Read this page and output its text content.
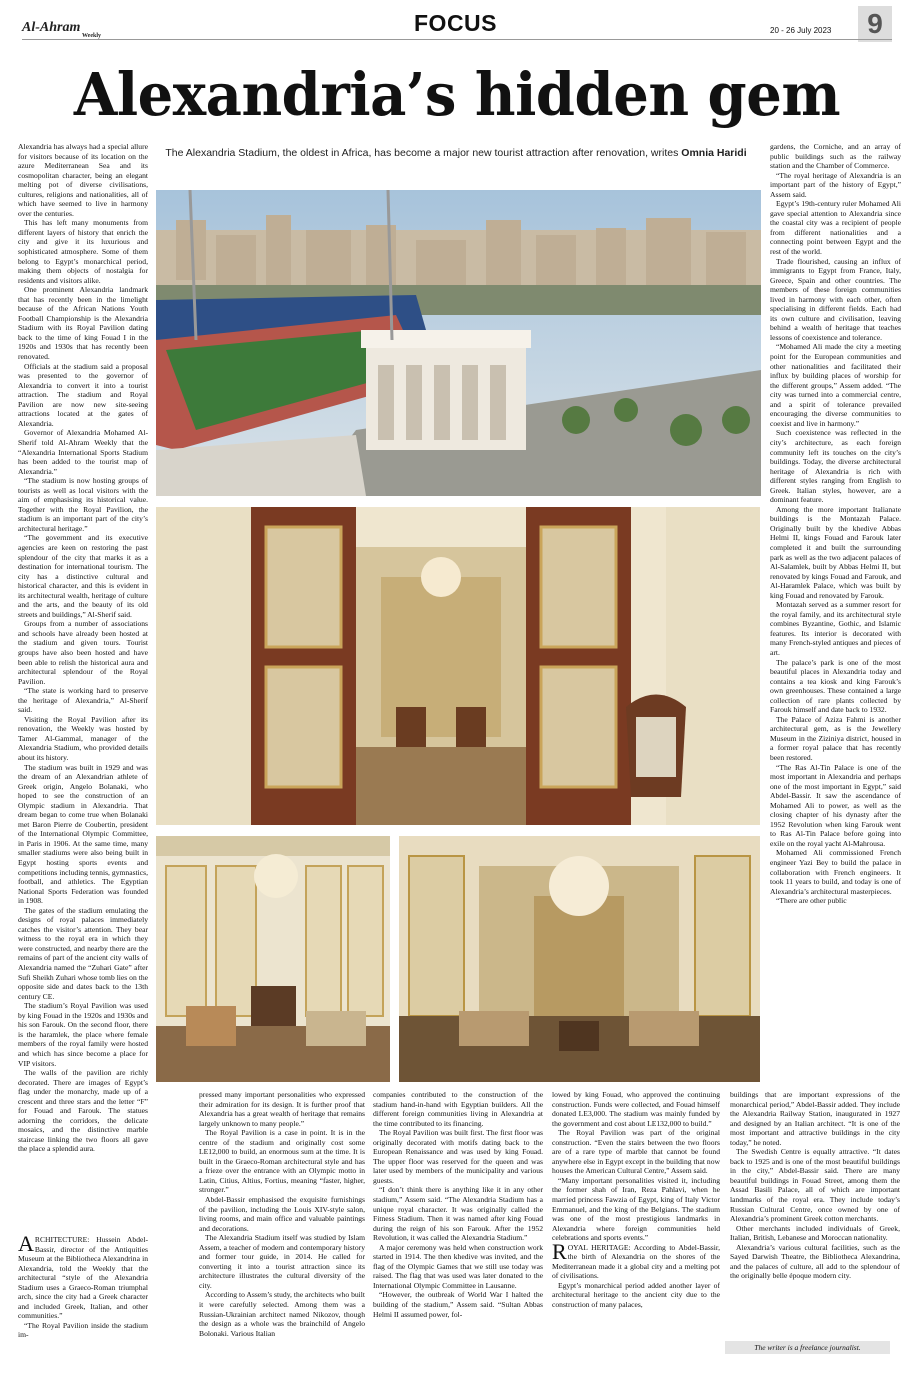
Al-Ahram
Weekly	FOCUS	20 - 26 July 2023	9
Alexandria’s hidden gem

Alexandria has always had a special allure for visitors because of its location on the azure Mediterranean Sea and its cosmopolitan character, being an elegant melting pot of diverse civilisations, cultures, religions and nationalities, all of which have seemed to live in harmony over the centuries.

This has left many monuments from different layers of history that enrich the city and give it its luxurious and sophisticated atmosphere. Some of them belong to Egypt’s monarchical period, making them objects of nostalgia for residents and visitors alike.

One prominent Alexandria landmark that has recently been in the limelight because of the African Nations Youth Football Championship is the Alexandria Stadium with its Royal Pavilion dating back to the time of king Fouad I in the 1920s and 1930s that has recently been renovated.

Officials at the stadium said a proposal was presented to the governor of Alexandria to convert it into a tourist attraction. The stadium and Royal Pavilion are now new site-seeing attractions located at the gates of Alexandria.

Governor of Alexandria Mohamed Al-Sherif told Al-Ahram Weekly that the “Alexandria International Sports Stadium has been added to the tourist map of Alexandria.”

“The stadium is now hosting groups of tourists as well as local visitors with the aim of emphasising its historical value. Together with the Royal Pavilion, the stadium is an important part of the city’s architectural heritage.”

“The government and its executive agencies are keen on restoring the past splendour of the city that marks it as a destination for international tourism. The city has a distinctive cultural and historical character, and this is evident in its architectural wealth, heritage of culture and the arts, and the beauty of its old streets and buildings,” Al-Sherif said.

Groups from a number of associations and schools have already been hosted at the stadium and given tours. Tourist groups have also been hosted and have been able to relish the historical aura and architectural splendour of the Royal Pavilion.

“The state is working hard to preserve the heritage of Alexandria,” Al-Sherif said.

Visiting the Royal Pavilion after its renovation, the Weekly was hosted by Tamer Al-Gammal, manager of the Alexandria Stadium, who provided details about its history.

The stadium was built in 1929 and was the dream of an Alexandrian athlete of Greek origin, Angelo Bolanaki, who hoped to see the construction of an Olympic stadium in Alexandria. That dream began to come true when Bolanaki met Baron Pierre de Coubertin, president of the International Olympic Committee, in Paris in 1906. At the same time, many smaller stadiums were also being built in Egypt hosting sports events and competitions including tennis, gymnastics, football, and athletics. The Egyptian National Sports Federation was founded in 1908.

The gates of the stadium emulating the designs of royal palaces immediately catches the visitor’s attention. They bear witness to the royal era in which they were constructed, and nearby there are the remains of part of the ancient city walls of Alexandria named the “Zuhari Gate” after Sufi Sheikh Zuhari whose tomb lies on the opposite side and dates back to the 13th century CE.

The stadium’s Royal Pavilion was used by king Fouad in the 1920s and 1930s and his son Farouk. On the second floor, there is the haramlek, the place where female members of the royal family were hosted and which has since become a place for VIP visitors.

The walls of the pavilion are richly decorated. There are images of Egypt’s flag under the monarchy, made up of a crescent and three stars and the letter “F” for Fouad and Farouk. The statues adorning the corridors, the delicate mosaics, and the distinctive marble staircase linking the two floors all gave the place a splendid aura.

The Alexandria Stadium, the oldest in Africa, has become a major new tourist attraction after renovation, writes Omnia Haridi

gardens, the Corniche, and an array of public buildings such as the railway station and the Chamber of Commerce.

“The royal heritage of Alexandria is an important part of the history of Egypt,” Assem said.

Egypt’s 19th-century ruler Mohamed Ali gave special attention to Alexandria since the coastal city was a recipient of people from different nationalities and a connecting point between Egypt and the rest of the world.

Trade flourished, causing an influx of immigrants to Egypt from France, Italy, Greece, Spain and other countries. The members of these foreign communities lived in harmony with each other, often specialising in different fields. Each had its own culture and civilisation, leaving behind a wealth of heritage that teaches lessons of coexistence and tolerance.

“Mohamed Ali made the city a meeting point for the European communities and other nationalities and facilitated their influx by building places of worship for the different groups,” Assem added. “The city was turned into a commercial centre, and a spirit of tolerance prevailed encouraging the diverse communities to coexist and live in harmony.”

Such coexistence was reflected in the city’s architecture, as each foreign community left its touches on the city’s buildings. Today, the diverse architectural heritage of Alexandria is rich with different styles ranging from English to Greek. Italian styles, however, are a dominant feature.

Among the more important Italianate buildings is the Montazah Palace. Originally built by the khedive Abbas Helmi II, kings Fouad and Farouk later completed it and built the surrounding park as well as the two adjacent palaces of Al-Salamlek, built by Abbas Helmi II, but renovated by kings Fouad and Farouk, and Al-Haramlek Palace, which was built by king Fouad and renovated by Farouk.

Montazah served as a summer resort for the royal family, and its architectural style combines Byzantine, Gothic, and Islamic features. Its interior is decorated with many French-styled antiques and pieces of art.

The palace’s park is one of the most beautiful places in Alexandria today and contains a tea kiosk and king Farouk’s own greenhouses. These contained a large collection of rare plants collected by Farouk himself and date back to 1932.

The Palace of Aziza Fahmi is another architectural gem, as is the Jewellery Museum in the Ziziniya district, housed in a former royal palace that has recently been restored.

“The Ras Al-Tin Palace is one of the most important in Alexandria and perhaps one of the most important in Egypt,” said Abdel-Bassir. It saw the ascendance of Mohamed Ali to power, as well as the closing chapter of his dynasty after the 1952 Revolution when king Farouk went to Ras Al-Tin Palace before going into exile on the royal yacht Al-Mahrousa.

Mohamed Ali commissioned French engineer Yazi Bey to build the palace in collaboration with French engineers. It took 11 years to build, and today is one of Alexandria’s architectural masterpieces.

“There are other public

ARCHITECTURE: Hussein Abdel-Bassir, director of the Antiquities Museum at the Bibliotheca Alexandrina in Alexandria, told the Weekly that the architectural “style of the Alexandria Stadium uses a Graeco-Roman triumphal arch, since the city had a Greek character and included Greek, Italian, and other communities.”

“The Royal Pavilion inside the stadium im-

pressed many important personalities who expressed their admiration for its design. It is further proof that Alexandria has a great wealth of heritage that remains largely unknown to many people.”

The Royal Pavilion is a case in point. It is in the centre of the stadium and originally cost some LE12,000 to build, an enormous sum at the time. It is built in the Graeco-Roman architectural style and has a frieze over the entrance with an Olympic motto in Latin, Citius, Altius, Fortius, meaning “faster, higher, stronger.”

Abdel-Bassir emphasised the exquisite furnishings of the pavilion, including the Louis XIV-style salon, living rooms, and main office and valuable paintings and decorations.

The Alexandria Stadium itself was studied by Islam Assem, a teacher of modern and contemporary history and former tour guide, in 2014. He called for converting it into a tourist attraction since its architecture illustrates the cultural diversity of the city.

According to Assem’s study, the architects who built it were carefully selected. Among them was a Russian-Ukrainian architect named Nikozov, though the design as a whole was the brainchild of Angelo Bolonaki. Various Italian

companies contributed to the construction of the stadium hand-in-hand with Egyptian builders. All the different foreign communities living in Alexandria at the time contributed to its financing.

The Royal Pavilion was built first. The first floor was originally decorated with motifs dating back to the European Renaissance and was used by king Fouad. The upper floor was reserved for the queen and was later used by members of the municipality and various guests.

“I don’t think there is anything like it in any other stadium,” Assem said. “The Alexandria Stadium has a unique royal character. It was originally called the Fitness Stadium. Then it was named after king Fouad during the reign of his son Farouk. After the 1952 Revolution, it was called the Alexandria Stadium.”

A major ceremony was held when construction work started in 1914. The then khedive was invited, and the flag of the Olympic Games that we still use today was raised. The flag that was used was later donated to the International Olympic Committee in Lausanne.

“However, the outbreak of World War I halted the building of the stadium,” Assem said. “Sultan Abbas Helmi II assumed power, fol-

lowed by king Fouad, who approved the continuing construction. Funds were collected, and Fouad himself donated LE3,000. The stadium was mainly funded by the government and cost about LE132,000 to build.”

The Royal Pavilion was part of the original construction. “Even the stairs between the two floors are of a rare type of marble that cannot be found anywhere else in Egypt except in the building that now houses the American Cultural Centre,” Assem said.

“Many important personalities visited it, including the former shah of Iran, Reza Pahlavi, when he married princess Fawzia of Egypt, king of Italy Victor Emmanuel, and the king of the Belgians. The stadium was one of the most prestigious landmarks in Alexandria where foreign communities held celebrations and sports events.”

ROYAL HERITAGE: According to Abdel-Bassir, the birth of Alexandria on the shores of the Mediterranean made it a global city and a melting pot of civilisations.

Egypt’s monarchical period added another layer of architectural heritage to the ancient city due to the construction of many palaces,

buildings that are important expressions of the monarchical period,” Abdel-Bassir added. They include the Alexandria Railway Station, inaugurated in 1927 and designed by an Italian architect. “It is one of the most important and attractive buildings in the city today,” he noted.

The Swedish Centre is equally attractive. “It dates back to 1925 and is one of the most beautiful buildings in the city,” Abdel-Bassir said. There are many beautiful buildings in Fouad Street, among them the Assad Basili Palace, all of which are important landmarks of the royal era. They include today’s Russian Cultural Centre, once owned by one of Alexandria’s prominent Greek cotton merchants.

Other merchants included individuals of Greek, Italian, British, Lebanese and Moroccan nationality.

Alexandria’s various cultural facilities, such as the Sayed Darwish Theatre, the Bibliotheca Alexandrina, and the palaces of culture, all add to the splendour of the originally belle époque modern city.

The writer is a freelance journalist.
